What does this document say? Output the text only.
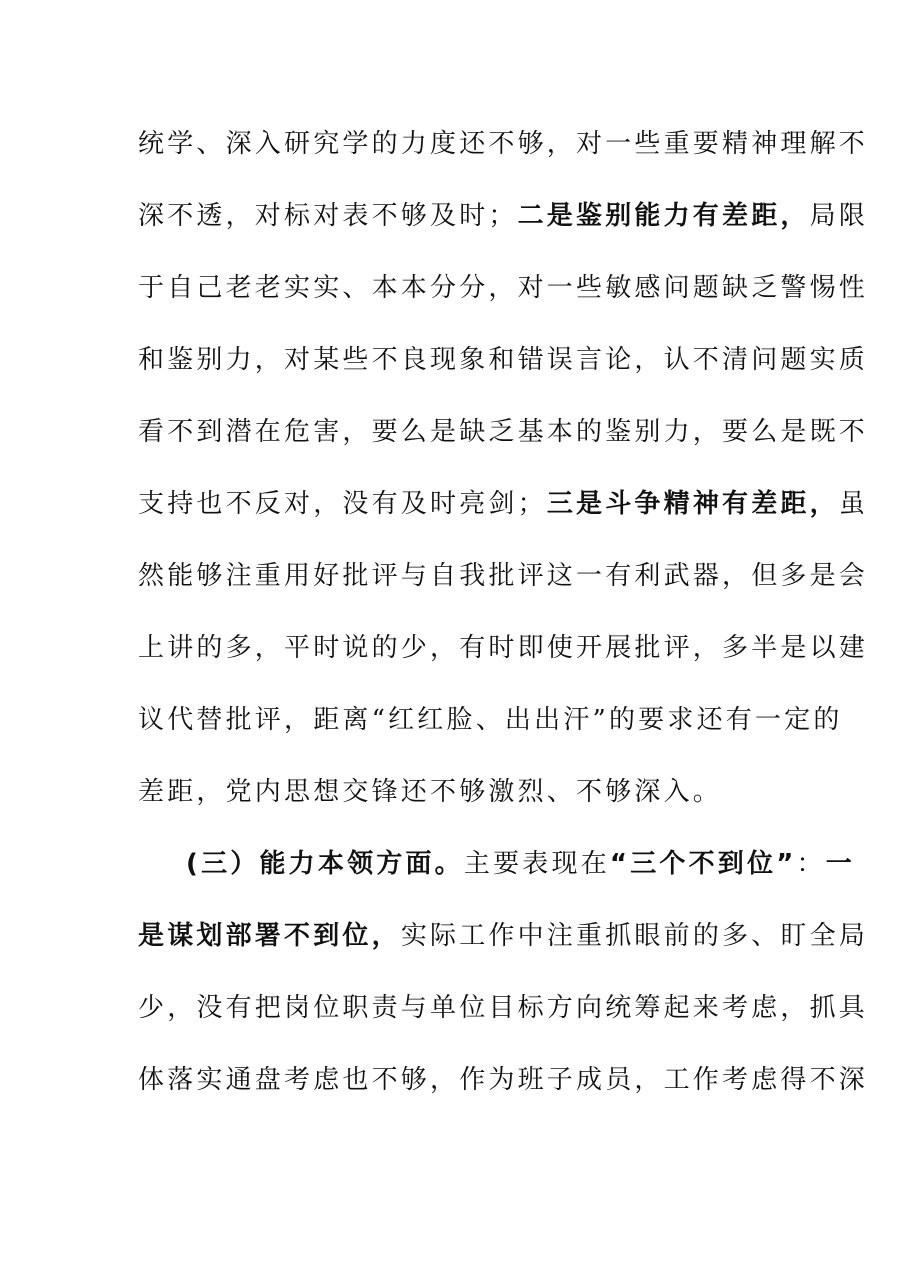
统学、深入研究学的力度还不够，对一些重要精神理解不
深不透，对标对表不够及时；二是鉴别能力有差距，局限
于自己老老实实、本本分分，对一些敏感问题缺乏警惕性
和鉴别力，对某些不良现象和错误言论，认不清问题实质
看不到潜在危害，要么是缺乏基本的鉴别力，要么是既不
支持也不反对，没有及时亮剑；三是斗争精神有差距，虽
然能够注重用好批评与自我批评这一有利武器，但多是会
上讲的多，平时说的少，有时即使开展批评，多半是以建
议代替批评，距离“红红脸、出出汗”的要求还有一定的
差距，党内思想交锋还不够激烈、不够深入。
(三）能力本领方面。主要表现在“三个不到位”：一
是谋划部署不到位，实际工作中注重抓眼前的多、盯全局
少，没有把岗位职责与单位目标方向统筹起来考虑，抓具
体落实通盘考虑也不够，作为班子成员，工作考虑得不深
